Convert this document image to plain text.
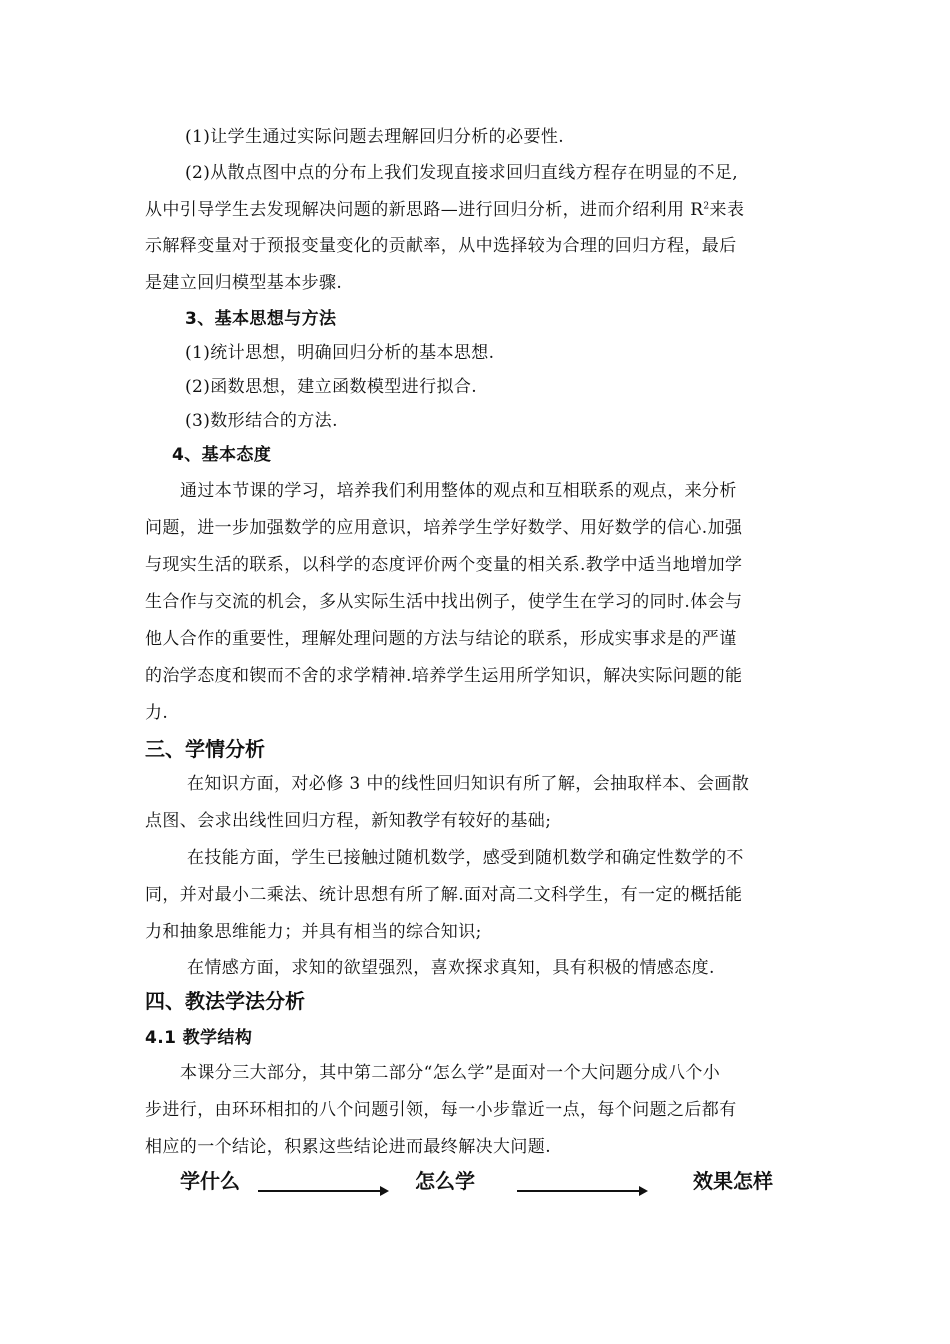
(1)让学生通过实际问题去理解回归分析的必要性.
(2)从散点图中点的分布上我们发现直接求回归直线方程存在明显的不足,
从中引导学生去发现解决问题的新思路—进行回归分析，进而介绍利用 $R^2$来表
示解释变量对于预报变量变化的贡献率，从中选择较为合理的回归方程，最后
是建立回归模型基本步骤.
3、基本思想与方法
(1)统计思想，明确回归分析的基本思想.
(2)函数思想，建立函数模型进行拟合.
(3)数形结合的方法.
4、基本态度
通过本节课的学习，培养我们利用整体的观点和互相联系的观点，来分析
问题，进一步加强数学的应用意识，培养学生学好数学、用好数学的信心.加强
与现实生活的联系，以科学的态度评价两个变量的相关系.教学中适当地增加学
生合作与交流的机会，多从实际生活中找出例子，使学生在学习的同时.体会与
他人合作的重要性，理解处理问题的方法与结论的联系，形成实事求是的严谨
的治学态度和锲而不舍的求学精神.培养学生运用所学知识，解决实际问题的能
力.
三、学情分析
在知识方面，对必修 3 中的线性回归知识有所了解，会抽取样本、会画散
点图、会求出线性回归方程，新知教学有较好的基础;
在技能方面，学生已接触过随机数学，感受到随机数学和确定性数学的不
同，并对最小二乘法、统计思想有所了解.面对高二文科学生，有一定的概括能
力和抽象思维能力；并具有相当的综合知识;
在情感方面，求知的欲望强烈，喜欢探求真知，具有积极的情感态度.
四、教法学法分析
4.1 教学结构
本课分三大部分，其中第二部分“怎么学”是面对一个大问题分成八个小
步进行，由环环相扣的八个问题引领，每一小步靠近一点，每个问题之后都有
相应的一个结论，积累这些结论进而最终解决大问题.
学什么	怎么学	效果怎样
